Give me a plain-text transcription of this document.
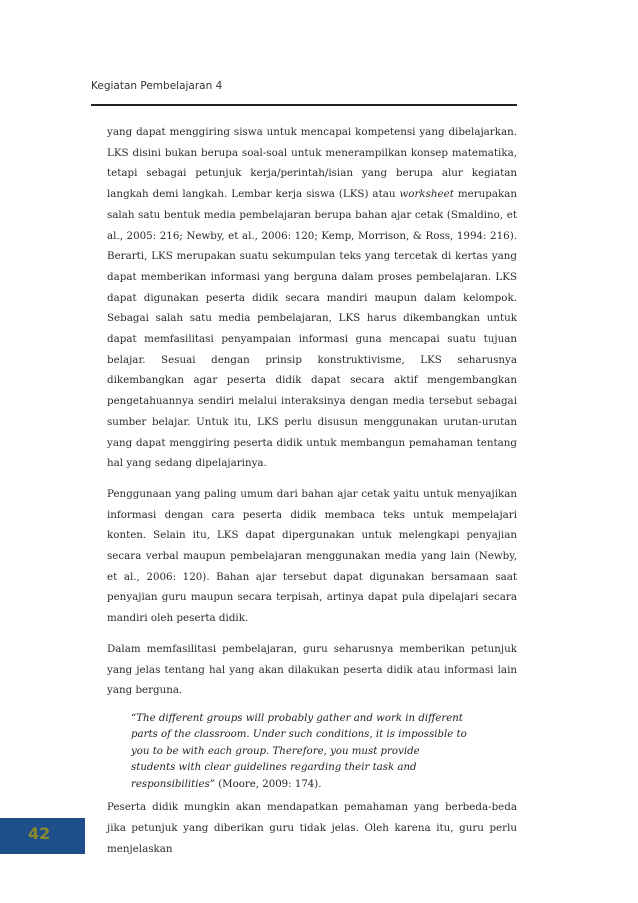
Kegiatan Pembelajaran 4

yang dapat menggiring siswa untuk mencapai kompetensi yang dibelajarkan. LKS disini bukan berupa soal-soal untuk menerampilkan konsep matematika, tetapi sebagai petunjuk kerja/perintah/isian yang berupa alur kegiatan langkah demi langkah. Lembar kerja siswa (LKS) atau worksheet merupakan salah satu bentuk media pembelajaran berupa bahan ajar cetak (Smaldino, et al., 2005: 216; Newby, et al., 2006: 120; Kemp, Morrison, & Ross, 1994: 216). Berarti, LKS merupakan suatu sekumpulan teks yang tercetak di kertas yang dapat memberikan informasi yang berguna dalam proses pembelajaran. LKS dapat digunakan peserta didik secara mandiri maupun dalam kelompok. Sebagai salah satu media pembelajaran, LKS harus dikembangkan untuk dapat memfasilitasi penyampaian informasi guna mencapai suatu tujuan belajar. Sesuai dengan prinsip konstruktivisme, LKS seharusnya dikembangkan agar peserta didik dapat secara aktif mengembangkan pengetahuannya sendiri melalui interaksinya dengan media tersebut sebagai sumber belajar. Untuk itu, LKS perlu disusun menggunakan urutan-urutan yang dapat menggiring peserta didik untuk membangun pemahaman tentang hal yang sedang dipelajarinya.

Penggunaan yang paling umum dari bahan ajar cetak yaitu untuk menyajikan informasi dengan cara peserta didik membaca teks untuk mempelajari konten. Selain itu, LKS dapat dipergunakan untuk melengkapi penyajian secara verbal maupun pembelajaran menggunakan media yang lain (Newby, et al., 2006: 120). Bahan ajar tersebut dapat digunakan bersamaan saat penyajian guru maupun secara terpisah, artinya dapat pula dipelajari secara mandiri oleh peserta didik.

Dalam memfasilitasi pembelajaran, guru seharusnya memberikan petunjuk yang jelas tentang hal yang akan dilakukan peserta didik atau informasi lain yang berguna.

“The different groups will probably gather and work in different parts of the classroom. Under such conditions, it is impossible to you to be with each group. Therefore, you must provide students with clear guidelines regarding their task and responsibilities” (Moore, 2009: 174).

Peserta didik mungkin akan mendapatkan pemahaman yang berbeda-beda jika petunjuk yang diberikan guru tidak jelas. Oleh karena itu, guru perlu menjelaskan

42
